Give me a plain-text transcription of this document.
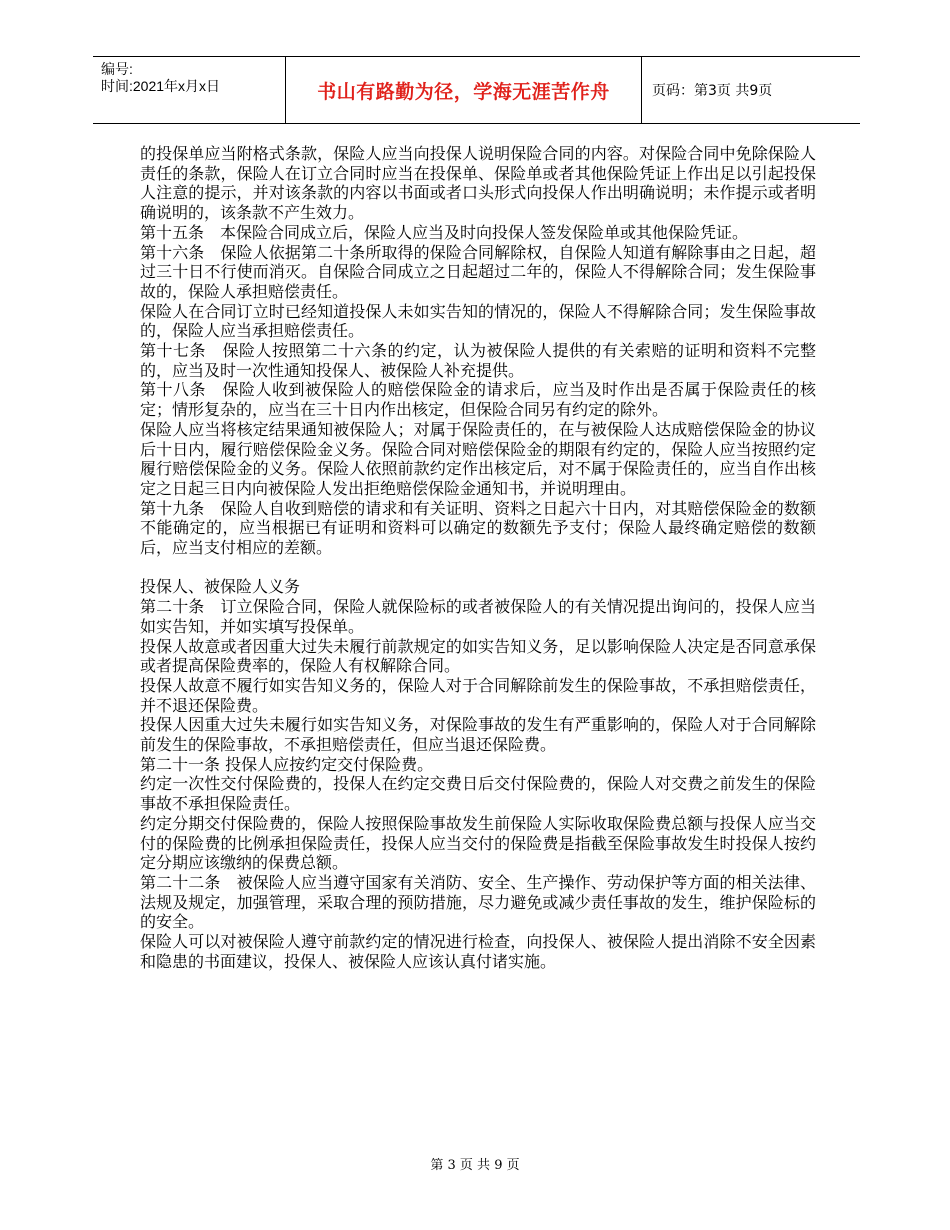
编号:
时间:2021年x月x日	书山有路勤为径，学海无涯苦作舟	页码：第3页 共9页

的投保单应当附格式条款，保险人应当向投保人说明保险合同的内容。对保险合同中免除保险人责任的条款，保险人在订立合同时应当在投保单、保险单或者其他保险凭证上作出足以引起投保人注意的提示，并对该条款的内容以书面或者口头形式向投保人作出明确说明；未作提示或者明确说明的，该条款不产生效力。

第十五条　本保险合同成立后，保险人应当及时向投保人签发保险单或其他保险凭证。

第十六条　保险人依据第二十条所取得的保险合同解除权，自保险人知道有解除事由之日起，超过三十日不行使而消灭。自保险合同成立之日起超过二年的，保险人不得解除合同；发生保险事故的，保险人承担赔偿责任。

保险人在合同订立时已经知道投保人未如实告知的情况的，保险人不得解除合同；发生保险事故的，保险人应当承担赔偿责任。

第十七条　保险人按照第二十六条的约定，认为被保险人提供的有关索赔的证明和资料不完整的，应当及时一次性通知投保人、被保险人补充提供。

第十八条　保险人收到被保险人的赔偿保险金的请求后，应当及时作出是否属于保险责任的核定；情形复杂的，应当在三十日内作出核定，但保险合同另有约定的除外。

保险人应当将核定结果通知被保险人；对属于保险责任的，在与被保险人达成赔偿保险金的协议后十日内，履行赔偿保险金义务。保险合同对赔偿保险金的期限有约定的，保险人应当按照约定履行赔偿保险金的义务。保险人依照前款约定作出核定后，对不属于保险责任的，应当自作出核定之日起三日内向被保险人发出拒绝赔偿保险金通知书，并说明理由。

第十九条　保险人自收到赔偿的请求和有关证明、资料之日起六十日内，对其赔偿保险金的数额不能确定的，应当根据已有证明和资料可以确定的数额先予支付；保险人最终确定赔偿的数额后，应当支付相应的差额。

投保人、被保险人义务

第二十条　订立保险合同，保险人就保险标的或者被保险人的有关情况提出询问的，投保人应当如实告知，并如实填写投保单。

投保人故意或者因重大过失未履行前款规定的如实告知义务，足以影响保险人决定是否同意承保或者提高保险费率的，保险人有权解除合同。

投保人故意不履行如实告知义务的，保险人对于合同解除前发生的保险事故，不承担赔偿责任，并不退还保险费。

投保人因重大过失未履行如实告知义务，对保险事故的发生有严重影响的，保险人对于合同解除前发生的保险事故，不承担赔偿责任，但应当退还保险费。

第二十一条 投保人应按约定交付保险费。

约定一次性交付保险费的，投保人在约定交费日后交付保险费的，保险人对交费之前发生的保险事故不承担保险责任。

约定分期交付保险费的，保险人按照保险事故发生前保险人实际收取保险费总额与投保人应当交付的保险费的比例承担保险责任，投保人应当交付的保险费是指截至保险事故发生时投保人按约定分期应该缴纳的保费总额。

第二十二条　被保险人应当遵守国家有关消防、安全、生产操作、劳动保护等方面的相关法律、法规及规定，加强管理，采取合理的预防措施，尽力避免或减少责任事故的发生，维护保险标的的安全。

保险人可以对被保险人遵守前款约定的情况进行检查，向投保人、被保险人提出消除不安全因素和隐患的书面建议，投保人、被保险人应该认真付诸实施。

第 3 页 共 9 页
